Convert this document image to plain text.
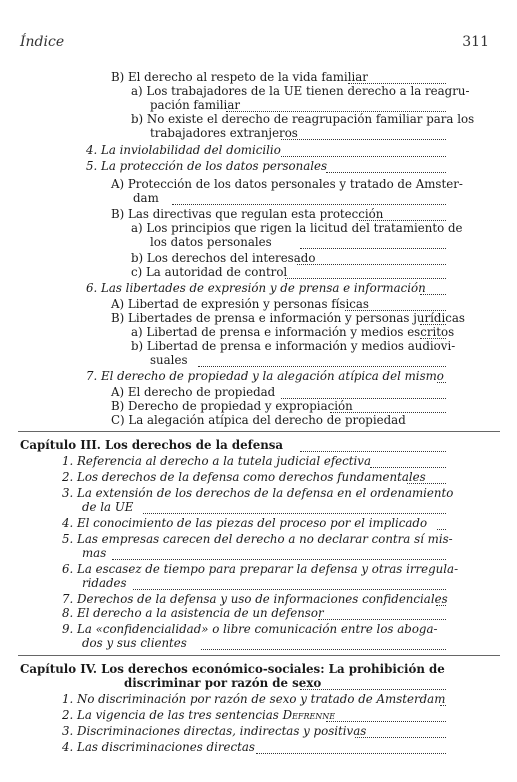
Índice	311
B) El derecho al respeto de la vida familiar
a) Los trabajadores de la UE tienen derecho a la reagru-
pación familiar
b) No existe el derecho de reagrupación familiar para los
trabajadores extranjeros
4. La inviolabilidad del domicilio
5. La protección de los datos personales
A) Protección de los datos personales y tratado de Amster-
dam
B) Las directivas que regulan esta protección
a) Los principios que rigen la licitud del tratamiento de
los datos personales
b) Los derechos del interesado
c) La autoridad de control
6. Las libertades de expresión y de prensa e información
A) Libertad de expresión y personas físicas
B) Libertades de prensa e información y personas jurídicas
a) Libertad de prensa e información y medios escritos
b) Libertad de prensa e información y medios audiovi-
suales
7. El derecho de propiedad y la alegación atípica del mismo
A) El derecho de propiedad
B) Derecho de propiedad y expropiación
C) La alegación atípica del derecho de propiedad
Capítulo III. Los derechos de la defensa
1. Referencia al derecho a la tutela judicial efectiva
2. Los derechos de la defensa como derechos fundamentales
3. La extensión de los derechos de la defensa en el ordenamiento
de la UE
4. El conocimiento de las piezas del proceso por el implicado
5. Las empresas carecen del derecho a no declarar contra sí mis-
mas
6. La escasez de tiempo para preparar la defensa y otras irregula-
ridades
7. Derechos de la defensa y uso de informaciones confidenciales
8. El derecho a la asistencia de un defensor
9. La «confidencialidad» o libre comunicación entre los aboga-
dos y sus clientes
Capítulo IV. Los derechos económico-sociales: La prohibición de
discriminar por razón de sexo
1. No discriminación por razón de sexo y tratado de Amsterdam
2. La vigencia de las tres sentencias Defrenne
3. Discriminaciones directas, indirectas y positivas
4. Las discriminaciones directas
